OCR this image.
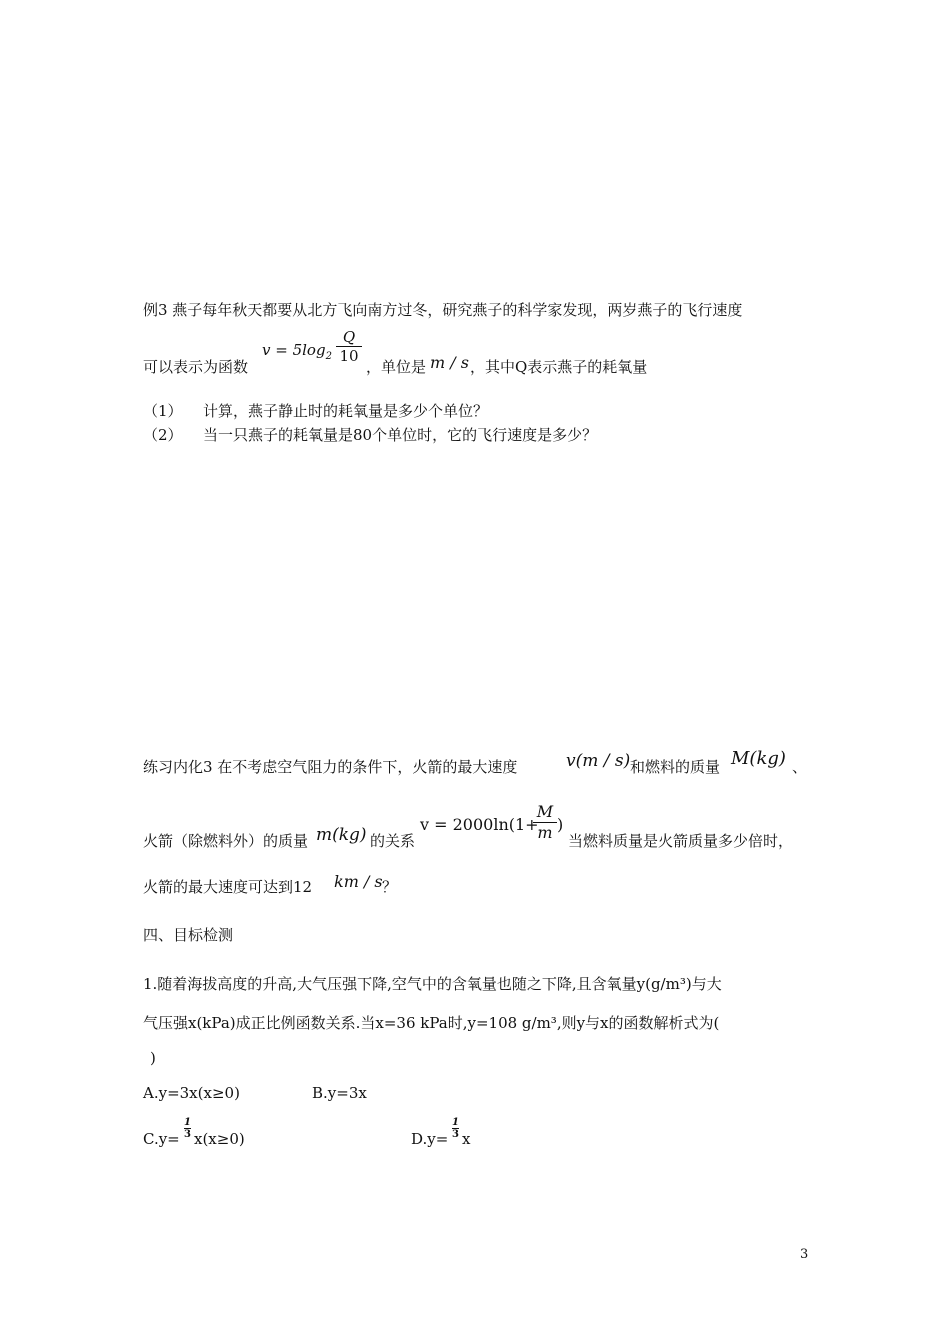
例3 燕子每年秋天都要从北方飞向南方过冬，研究燕子的科学家发现，两岁燕子的飞行速度
$v = 5\log_2 \frac{Q}{10}$
可以表示为函数	，单位是 m / s ，其中Q表示燕子的耗氧量
（1） 计算，燕子静止时的耗氧量是多少个单位？
（2） 当一只燕子的耗氧量是80个单位时，它的飞行速度是多少？
练习内化3 在不考虑空气阻力的条件下，火箭的最大速度	v(m / s) 和燃料的质量 M(kg) 、
火箭（除燃料外）的质量 m(kg) 的关系
v = 2000ln(1+
$\frac{M}{m}$ )
当燃料质量是火箭质量多少倍时，
火箭的最大速度可达到12 km / s ？
四、目标检测
1.随着海拔高度的升高,大气压强下降,空气中的含氧量也随之下降,且含氧量y(g/m³)与大
气压强x(kPa)成正比例函数关系.当x=36 kPa时,y=108 g/m³,则y与x的函数解析式为(
)
A.y=3x(x≥0)	B.y=3x
$C.y= \frac{1}{3} x(x\ge 0)$	$D.y= \frac{1}{3}$ x
3
